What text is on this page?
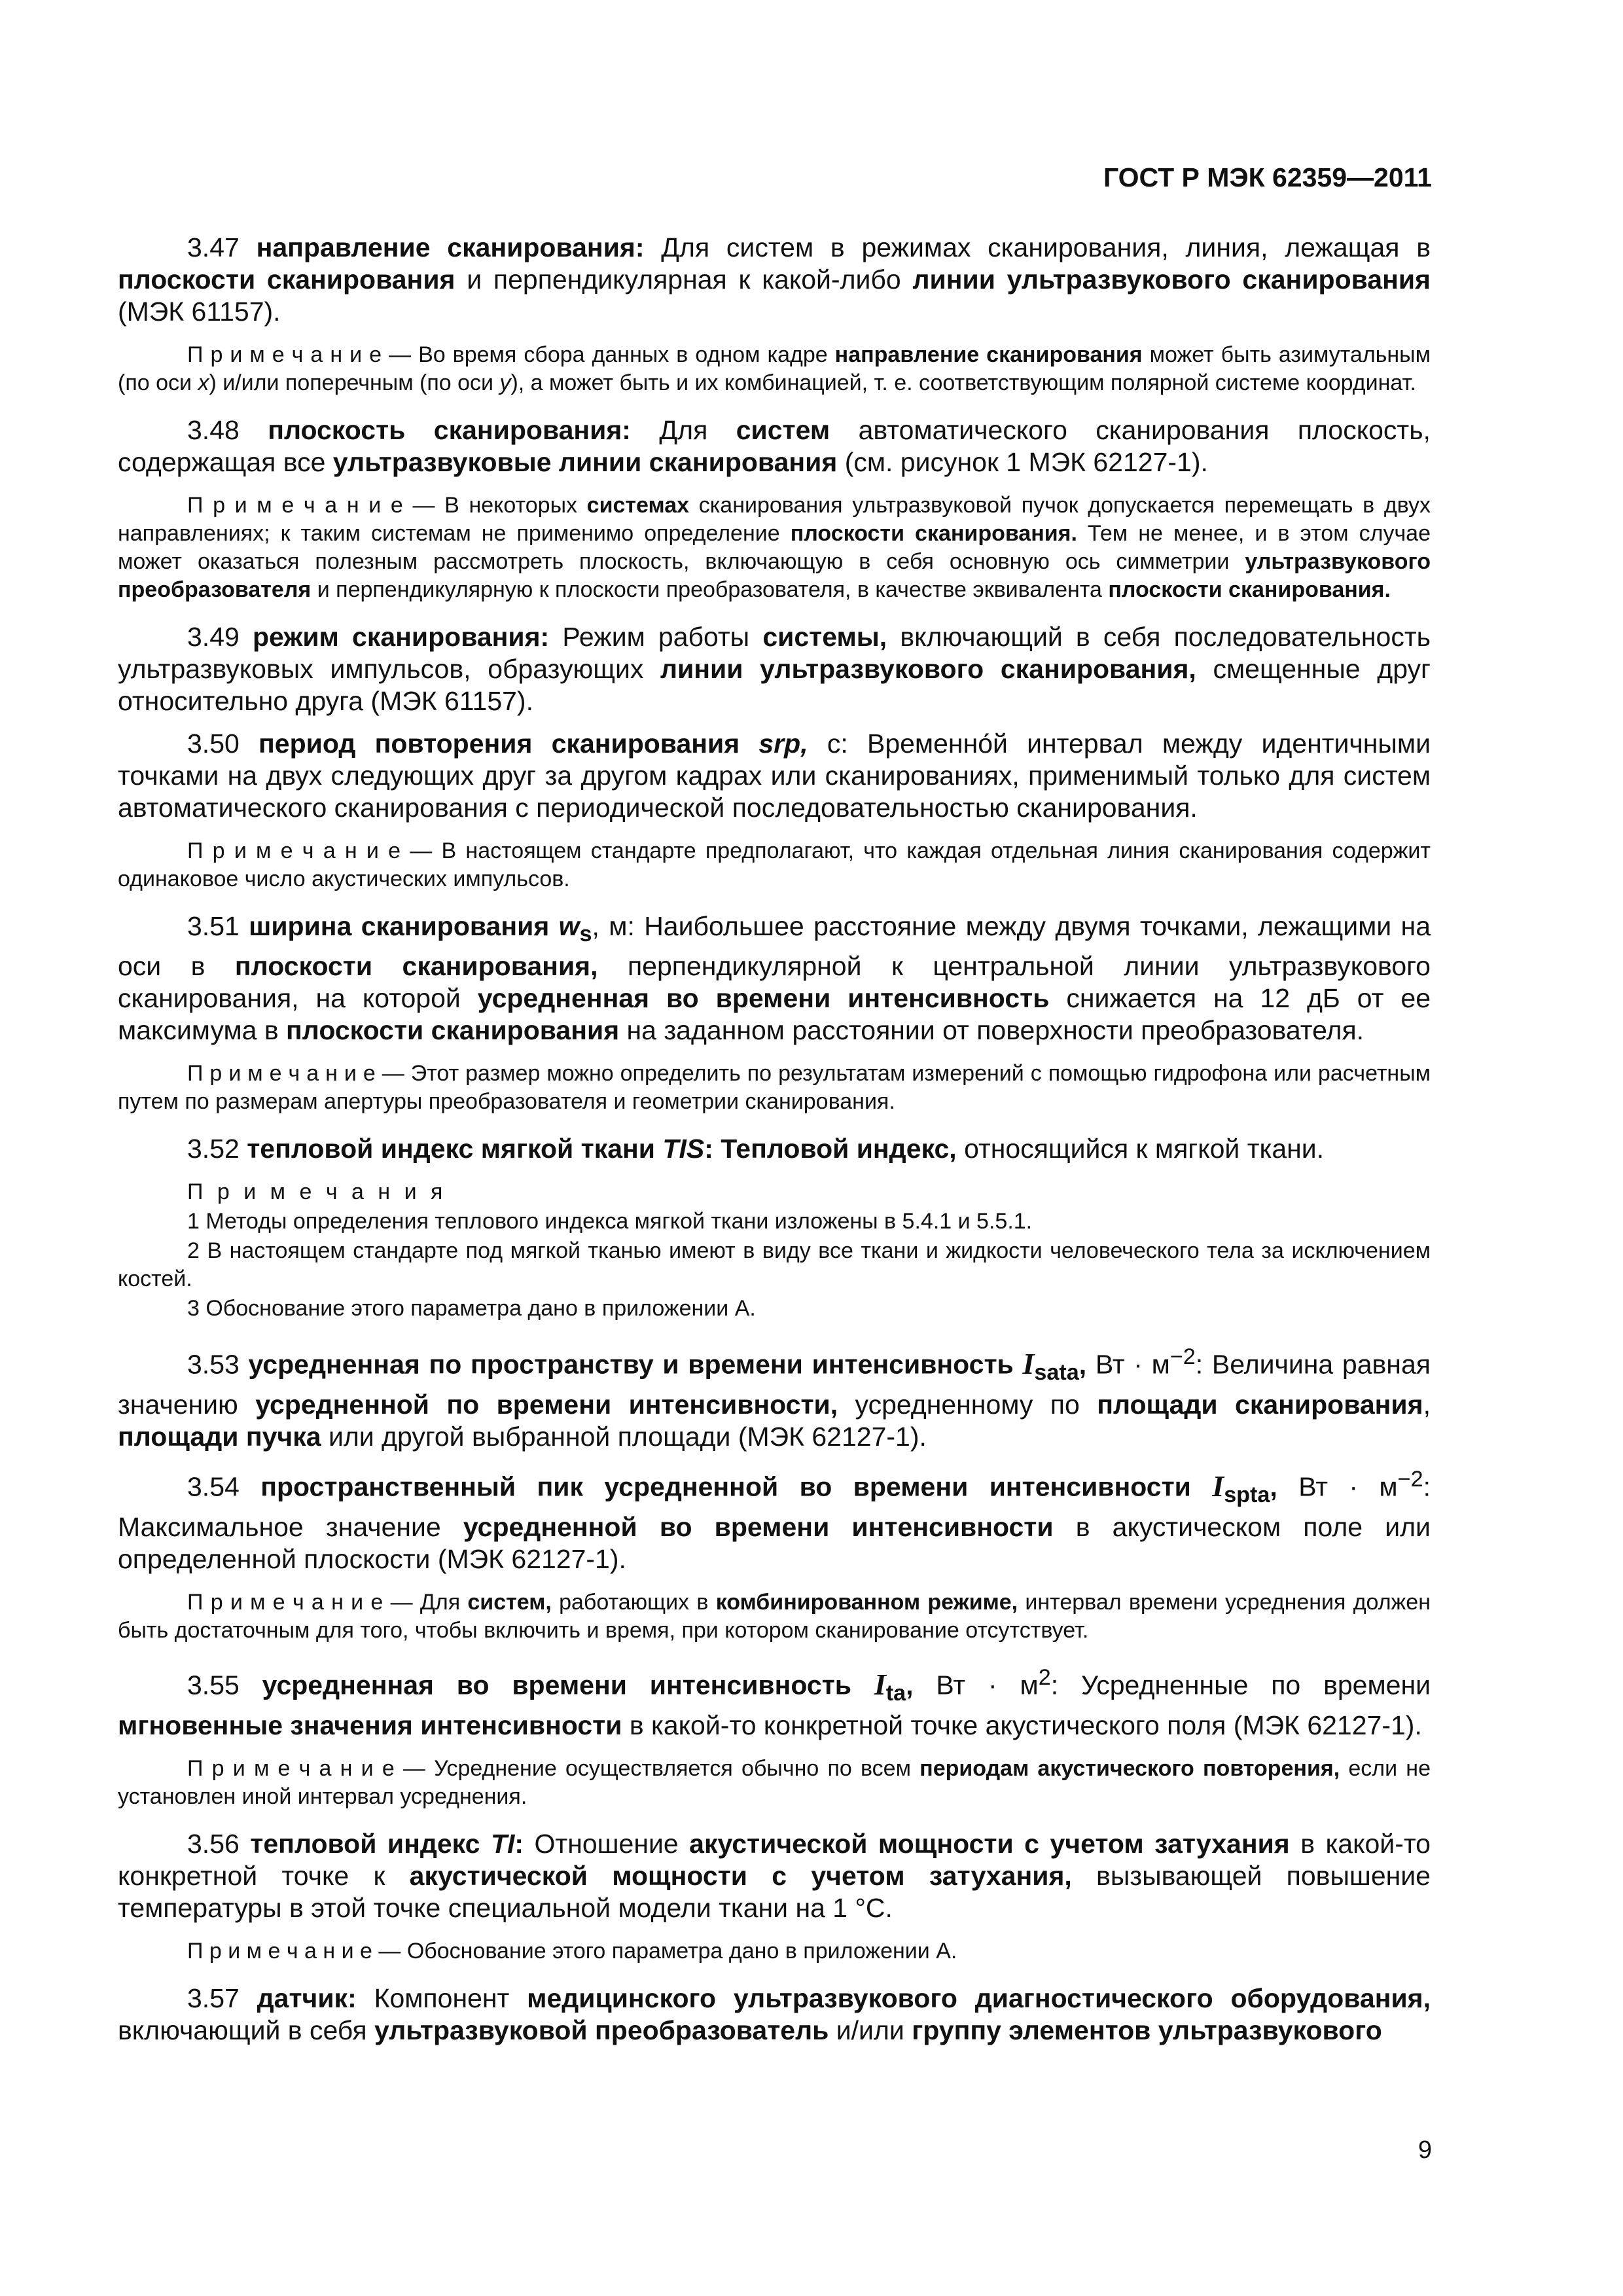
ГОСТ Р МЭК 62359—2011

3.47 направление сканирования: Для систем в режимах сканирования, линия, лежащая в плоскости сканирования и перпендикулярная к какой-либо линии ультразвукового сканирования (МЭК 61157).

П р и м е ч а н и е — Во время сбора данных в одном кадре направление сканирования может быть азимутальным (по оси x) и/или поперечным (по оси y), а может быть и их комбинацией, т. е. соответствующим полярной системе координат.

3.48 плоскость сканирования: Для систем автоматического сканирования плоскость, содержащая все ультразвуковые линии сканирования (см. рисунок 1 МЭК 62127-1).

П р и м е ч а н и е — В некоторых системах сканирования ультразвуковой пучок допускается перемещать в двух направлениях; к таким системам не применимо определение плоскости сканирования. Тем не менее, и в этом случае может оказаться полезным рассмотреть плоскость, включающую в себя основную ось симметрии ультразвукового преобразователя и перпендикулярную к плоскости преобразователя, в качестве эквивалента плоскости сканирования.

3.49 режим сканирования: Режим работы системы, включающий в себя последовательность ультразвуковых импульсов, образующих линии ультразвукового сканирования, смещенные друг относительно друга (МЭК 61157).

3.50 период повторения сканирования srp, с: Временно́й интервал между идентичными точками на двух следующих друг за другом кадрах или сканированиях, применимый только для систем автоматического сканирования с периодической последовательностью сканирования.

П р и м е ч а н и е — В настоящем стандарте предполагают, что каждая отдельная линия сканирования содержит одинаковое число акустических импульсов.

3.51 ширина сканирования $w_s$, м: Наибольшее расстояние между двумя точками, лежащими на оси в плоскости сканирования, перпендикулярной к центральной линии ультразвукового сканирования, на которой усредненная во времени интенсивность снижается на 12 дБ от ее максимума в плоскости сканирования на заданном расстоянии от поверхности преобразователя.

П р и м е ч а н и е — Этот размер можно определить по результатам измерений с помощью гидрофона или расчетным путем по размерам апертуры преобразователя и геометрии сканирования.

3.52 тепловой индекс мягкой ткани TIS: Тепловой индекс, относящийся к мягкой ткани.

П р и м е ч а н и я

1 Методы определения теплового индекса мягкой ткани изложены в 5.4.1 и 5.5.1.

2 В настоящем стандарте под мягкой тканью имеют в виду все ткани и жидкости человеческого тела за исключением костей.

3 Обоснование этого параметра дано в приложении А.

3.53 усредненная по пространству и времени интенсивность $I_{sata}$, Вт · $м^{-2}$: Величина равная значению усредненной по времени интенсивности, усредненному по площади сканирования, площади пучка или другой выбранной площади (МЭК 62127-1).

3.54 пространственный пик усредненной во времени интенсивности $I_{spta}$, Вт · $м^{-2}$: Максимальное значение усредненной во времени интенсивности в акустическом поле или определенной плоскости (МЭК 62127-1).

П р и м е ч а н и е — Для систем, работающих в комбинированном режиме, интервал времени усреднения должен быть достаточным для того, чтобы включить и время, при котором сканирование отсутствует.

3.55 усредненная во времени интенсивность $I_{ta}$, Вт · $м^2$: Усредненные по времени мгновенные значения интенсивности в какой-то конкретной точке акустического поля (МЭК 62127-1).

П р и м е ч а н и е — Усреднение осуществляется обычно по всем периодам акустического повторения, если не установлен иной интервал усреднения.

3.56 тепловой индекс TI: Отношение акустической мощности с учетом затухания в какой-то конкретной точке к акустической мощности с учетом затухания, вызывающей повышение температуры в этой точке специальной модели ткани на 1 °С.

П р и м е ч а н и е — Обоснование этого параметра дано в приложении А.

3.57 датчик: Компонент медицинского ультразвукового диагностического оборудования, включающий в себя ультразвуковой преобразователь и/или группу элементов ультразвукового

9
